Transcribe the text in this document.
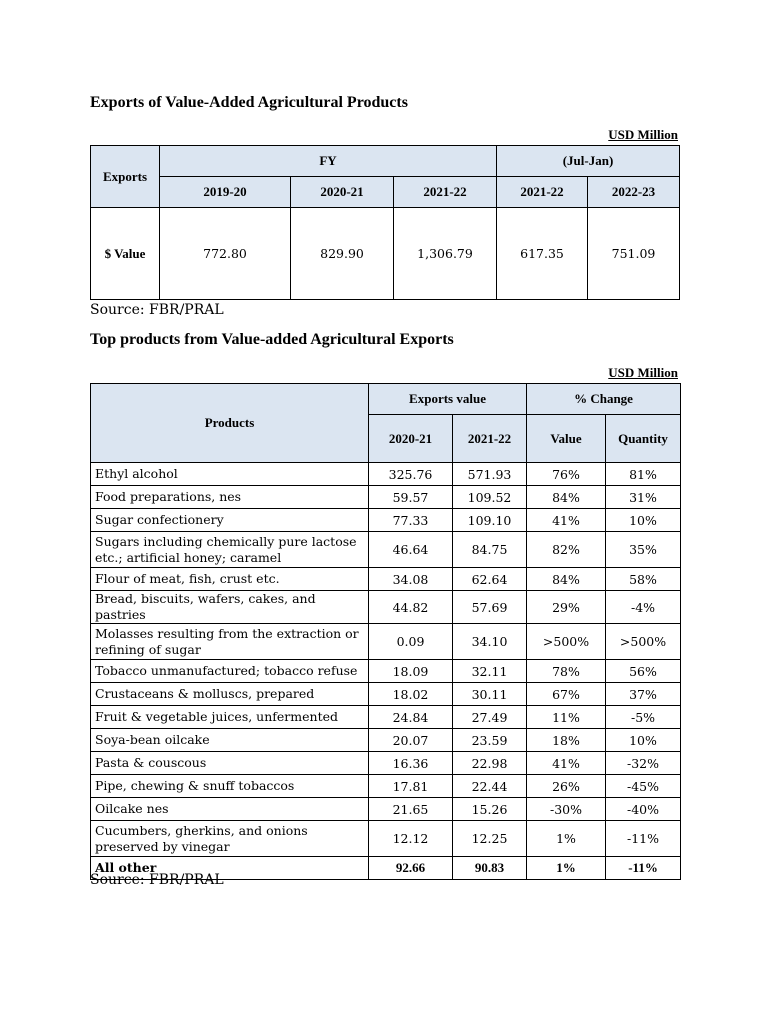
Exports of Value-Added Agricultural Products
USD Million
Exports	FY			(Jul-Jan)	
	2019-20	2020-21	2021-22	2021-22	2022-23
$ Value	772.80	829.90	1,306.79	617.35	751.09
Source: FBR/PRAL
Top products from Value-added Agricultural Exports
USD Million
Products	Exports value		% Change	
	2020-21	2021-22	Value	Quantity
Ethyl alcohol	325.76	571.93	76%	81%
Food preparations, nes	59.57	109.52	84%	31%
Sugar confectionery	77.33	109.10	41%	10%
Sugars including chemically pure lactose etc.; artificial honey; caramel	46.64	84.75	82%	35%
Flour of meat, fish, crust etc.	34.08	62.64	84%	58%
Bread, biscuits, wafers, cakes, and pastries	44.82	57.69	29%	-4%
Molasses resulting from the extraction or refining of sugar	0.09	34.10	>500%	>500%
Tobacco unmanufactured; tobacco refuse	18.09	32.11	78%	56%
Crustaceans & molluscs, prepared	18.02	30.11	67%	37%
Fruit & vegetable juices, unfermented	24.84	27.49	11%	-5%
Soya-bean oilcake	20.07	23.59	18%	10%
Pasta & couscous	16.36	22.98	41%	-32%
Pipe, chewing & snuff tobaccos	17.81	22.44	26%	-45%
Oilcake nes	21.65	15.26	-30%	-40%
Cucumbers, gherkins, and onions preserved by vinegar	12.12	12.25	1%	-11%
All other	92.66	90.83	1%	-11%
Source: FBR/PRAL
